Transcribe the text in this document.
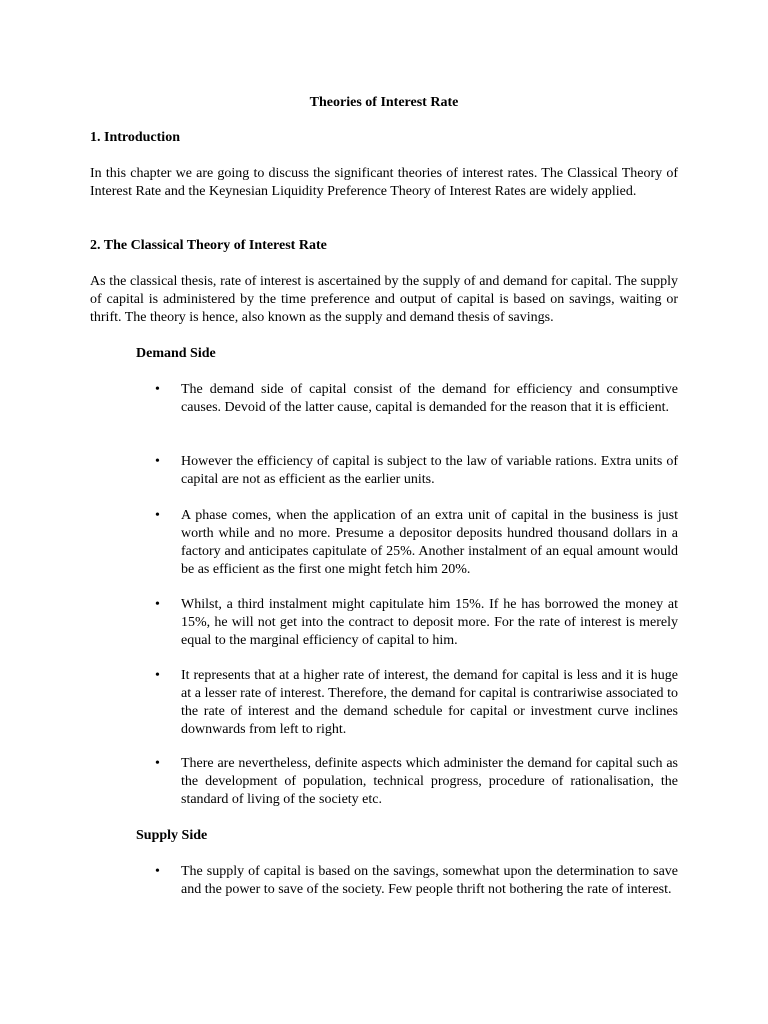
Theories of Interest Rate
1. Introduction
In this chapter we are going to discuss the significant theories of interest rates. The Classical Theory of Interest Rate and the Keynesian Liquidity Preference Theory of Interest Rates are widely applied.
2. The Classical Theory of Interest Rate
As the classical thesis, rate of interest is ascertained by the supply of and demand for capital. The supply of capital is administered by the time preference and output of capital is based on savings, waiting or thrift. The theory is hence, also known as the supply and demand thesis of savings.
Demand Side
•	The demand side of capital consist of the demand for efficiency and consumptive causes. Devoid of the latter cause, capital is demanded for the reason that it is efficient.
•	However the efficiency of capital is subject to the law of variable rations. Extra units of capital are not as efficient as the earlier units.
•	A phase comes, when the application of an extra unit of capital in the business is just worth while and no more. Presume a depositor deposits hundred thousand dollars in a factory and anticipates capitulate of 25%. Another instalment of an equal amount would be as efficient as the first one might fetch him 20%.
•	Whilst, a third instalment might capitulate him 15%. If he has borrowed the money at 15%, he will not get into the contract to deposit more. For the rate of interest is merely equal to the marginal efficiency of capital to him.
•	It represents that at a higher rate of interest, the demand for capital is less and it is huge at a lesser rate of interest. Therefore, the demand for capital is contrariwise associated to the rate of interest and the demand schedule for capital or investment curve inclines downwards from left to right.
•	There are nevertheless, definite aspects which administer the demand for capital such as the development of population, technical progress, procedure of rationalisation, the standard of living of the society etc.
Supply Side
•	The supply of capital is based on the savings, somewhat upon the determination to save and the power to save of the society. Few people thrift not bothering the rate of interest.
